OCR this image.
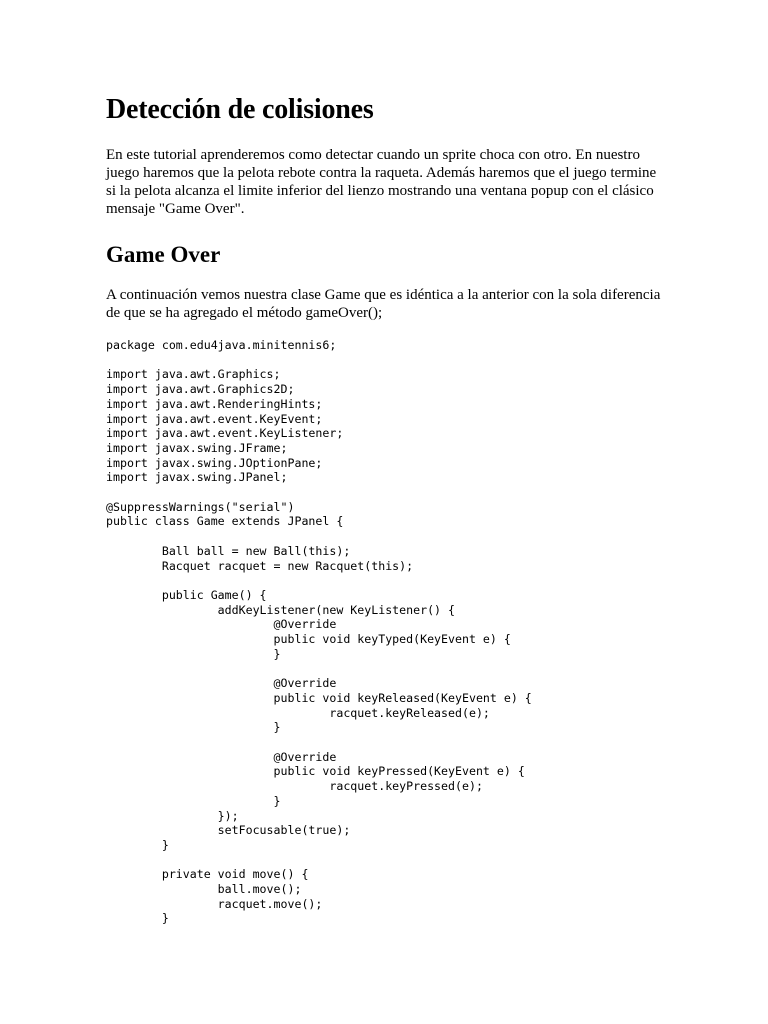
Detección de colisiones

En este tutorial aprenderemos como detectar cuando un sprite choca con otro. En nuestro juego haremos que la pelota rebote contra la raqueta. Además haremos que el juego termine si la pelota alcanza el limite inferior del lienzo mostrando una ventana popup con el clásico mensaje "Game Over".

Game Over

A continuación vemos nuestra clase Game que es idéntica a la anterior con la sola diferencia de que se ha agregado el método gameOver();

package com.edu4java.minitennis6;

import java.awt.Graphics;
import java.awt.Graphics2D;
import java.awt.RenderingHints;
import java.awt.event.KeyEvent;
import java.awt.event.KeyListener;
import javax.swing.JFrame;
import javax.swing.JOptionPane;
import javax.swing.JPanel;

@SuppressWarnings("serial")
public class Game extends JPanel {

Ball ball = new Ball(this);
Racquet racquet = new Racquet(this);

public Game() {
addKeyListener(new KeyListener() {
@Override
public void keyTyped(KeyEvent e) {
}

@Override
public void keyReleased(KeyEvent e) {
racquet.keyReleased(e);
}

@Override
public void keyPressed(KeyEvent e) {
racquet.keyPressed(e);
}
});
setFocusable(true);
}

private void move() {
ball.move();
racquet.move();
}
